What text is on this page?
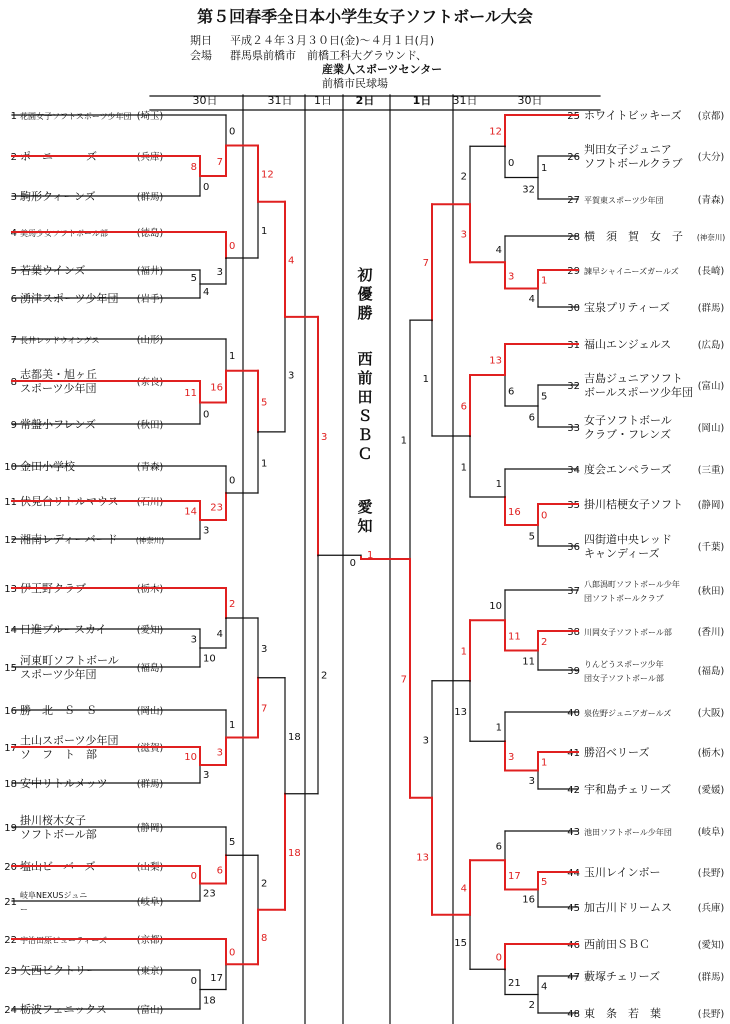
第５回春季全日本小学生女子ソフトボール大会
期日 平成２４年３月３０日(金)～４月１日(月)
会場 群馬県前橋市　前橋工科大グラウンド、
産業人スポーツセンター
前橋市民球場
30日	31日 1日 2日	1日 31日	30日
初
優
勝
西
前
田
Ｓ
Ｂ
Ｃ
愛
知
1 花園女子ソフトスポーツ少年団 (埼玉)
2 ポ　ニ　ー　ズ	(兵庫)
3 駒形クィーンズ	(群馬)
4 美馬少女ソフトボール部	(徳島)
5 若葉ウインズ	(福井)
6 湧津スポーツ少年団 (岩手)
7 長井レッドウイングス	(山形)
8
志都美・旭ヶ丘
スポーツ少年団	(奈良)
9 常盤小フレンズ	(秋田)
10 金田小学校	(青森)
11 伏見台リトルマウス (石川)
12 湘南レディーバード (神奈川)
13 伊王野クラブ	(栃木)
14 日進ブルースカイ	(愛知)
15
河東町ソフトボール
スポーツ少年団	(福島)
16 勝　北　Ｓ　Ｓ	(岡山)
17
土山スポーツ少年団
ソ　フ　ト　部	(滋賀)
18 安中リトルメッツ	(群馬)
19
掛川桜木女子
ソフトボール部	(静岡)
20 塩山ビーバーズ	(山梨)
21
岐阜NEXUSジュニ
ー
(岐阜)
22 宇治田原ビューティーズ	(京都)
23 矢西ビクトリー	(東京)
24 栃波フェニックス	(富山)
25 ホワイトビッキーズ (京都)
26
判田女子ジュニア
ソフトボールクラブ (大分)
27 平賀東スポーツ少年団	(青森)
28 横　須　賀　女　子 (神奈川)
29 諫早シャイニーズガールズ (長崎)
30 宝泉プリティーズ	(群馬)
31 福山エンジェルス	(広島)
32
吉島ジュニアソフト
ボールスポーツ少年団 (富山)
33
女子ソフトボール
クラブ・フレンズ	(岡山)
34 度会エンペラーズ	(三重)
35 掛川桔梗女子ソフト (静岡)
36
四街道中央レッド
キャンディーズ	(千葉)
37
八郎潟町ソフトボール少年
団ソフトボールクラブ
(秋田)
38 川岡女子ソフトボール部	(香川)
39
りんどうスポーツ少年
団女子ソフトボール部
(福島)
40 泉佐野ジュニアガールズ	(大阪)
41 勝沼ベリーズ	(栃木)
42 宇和島チェリーズ	(愛媛)
43 池田ソフトボール少年団	(岐阜)
44 玉川レインボー	(長野)
45 加古川ドリームス	(兵庫)
46 西前田ＳＢＣ	(愛知)
47 藪塚チェリーズ	(群馬)
48 東　条　若　葉	(長野)
8
0
0
7
5
4
0
3
11
0
1
16
14
3
0
23
3
10
2
4
10
3
1
3
0
23
5
6
0
18
0
17
12
1
5
1
3
7
2
8
4
3
18
18
3
2
1
32
12
0
1
4
4
3
5
6
13
6
0
5
1
16
2
11
10
11
1
3
1
3
5
16
6
17
4
2
0
21
2
3
6
1
1
13
4
15
7
1
3
13
1
7
0
1
